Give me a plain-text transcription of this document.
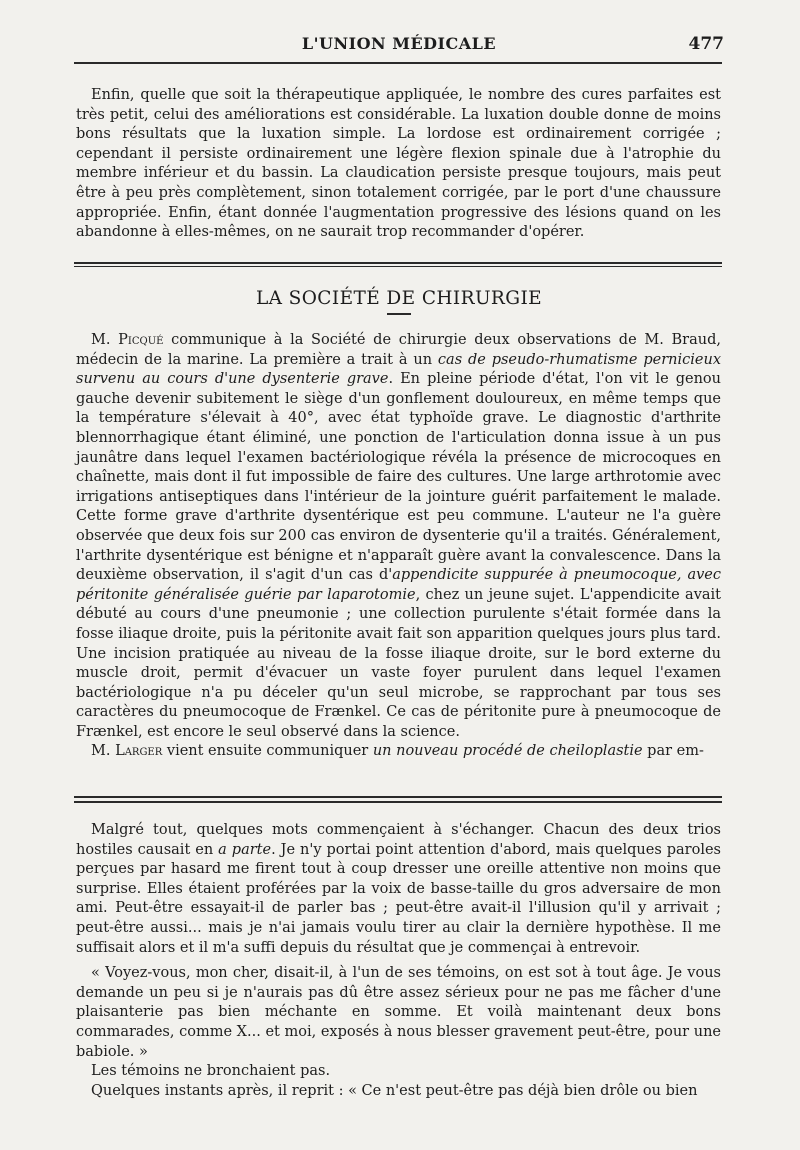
L'UNION MÉDICALE	477

Enfin, quelle que soit la thérapeutique appliquée, le nombre des cures parfaites est très petit, celui des améliorations est considérable. La luxation double donne de moins bons résultats que la luxation simple. La lordose est ordinairement corrigée ; cependant il persiste ordinairement une légère flexion spinale due à l'atrophie du membre inférieur et du bassin. La claudication persiste presque toujours, mais peut être à peu près complètement, sinon totalement corrigée, par le port d'une chaussure appropriée. Enfin, étant donnée l'augmentation progressive des lésions quand on les abandonne à elles-mêmes, on ne saurait trop recommander d'opérer.

LA SOCIÉTÉ DE CHIRURGIE

M. Picqué communique à la Société de chirurgie deux observations de M. Braud, médecin de la marine. La première a trait à un cas de pseudo-rhumatisme pernicieux survenu au cours d'une dysenterie grave. En pleine période d'état, l'on vit le genou gauche devenir subitement le siège d'un gonflement douloureux, en même temps que la température s'élevait à 40°, avec état typhoïde grave. Le diagnostic d'arthrite blennorrhagique étant éliminé, une ponction de l'articulation donna issue à un pus jaunâtre dans lequel l'examen bactériologique révéla la présence de microcoques en chaînette, mais dont il fut impossible de faire des cultures. Une large arthrotomie avec irrigations antiseptiques dans l'intérieur de la jointure guérit parfaitement le malade. Cette forme grave d'arthrite dysentérique est peu commune. L'auteur ne l'a guère observée que deux fois sur 200 cas environ de dysenterie qu'il a traités. Généralement, l'arthrite dysentérique est bénigne et n'apparaît guère avant la convalescence. Dans la deuxième observation, il s'agit d'un cas d'appendicite suppurée à pneumocoque, avec péritonite généralisée guérie par laparotomie, chez un jeune sujet. L'appendicite avait débuté au cours d'une pneumonie ; une collection purulente s'était formée dans la fosse iliaque droite, puis la péritonite avait fait son apparition quelques jours plus tard. Une incision pratiquée au niveau de la fosse iliaque droite, sur le bord externe du muscle droit, permit d'évacuer un vaste foyer purulent dans lequel l'examen bactériologique n'a pu déceler qu'un seul microbe, se rapprochant par tous ses caractères du pneumocoque de Frænkel. Ce cas de péritonite pure à pneumocoque de Frænkel, est encore le seul observé dans la science.

M. Larger vient ensuite communiquer un nouveau procédé de cheiloplastie par em-

Malgré tout, quelques mots commençaient à s'échanger. Chacun des deux trios hostiles causait en a parte. Je n'y portai point attention d'abord, mais quelques paroles perçues par hasard me firent tout à coup dresser une oreille attentive non moins que surprise. Elles étaient proférées par la voix de basse-taille du gros adversaire de mon ami. Peut-être essayait-il de parler bas ; peut-être avait-il l'illusion qu'il y arrivait ; peut-être aussi... mais je n'ai jamais voulu tirer au clair la dernière hypothèse. Il me suffisait alors et il m'a suffi depuis du résultat que je commençai à entrevoir.

« Voyez-vous, mon cher, disait-il, à l'un de ses témoins, on est sot à tout âge. Je vous demande un peu si je n'aurais pas dû être assez sérieux pour ne pas me fâcher d'une plaisanterie pas bien méchante en somme. Et voilà maintenant deux bons commarades, comme X... et moi, exposés à nous blesser gravement peut-être, pour une babiole. »

Les témoins ne bronchaient pas.

Quelques instants après, il reprit : « Ce n'est peut-être pas déjà bien drôle ou bien
